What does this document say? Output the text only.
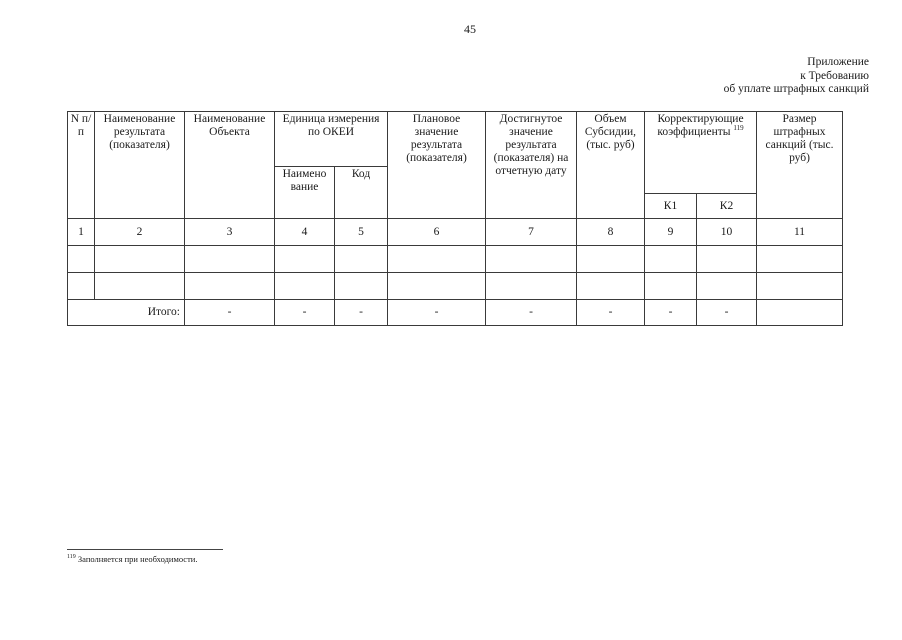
45
Приложение
к Требованию
об уплате штрафных санкций
N п/п	Наименование результата (показателя)	Наименование Объекта	Единица измерения по ОКЕИ		Плановое значение результата (показателя)	Достигнутое значение результата (показателя) на отчетную дату	Объем Субсидии, (тыс. руб)	Корректирующие коэффициенты $^{119}$		Размер штрафных санкций (тыс. руб)
			Наимено вание	Код						
								К1	К2	
1	2	3	4	5	6	7	8	9	10	11

Итого:		-	-	-	-	-	-	-	-	
$^{119}$ Заполняется при необходимости.
